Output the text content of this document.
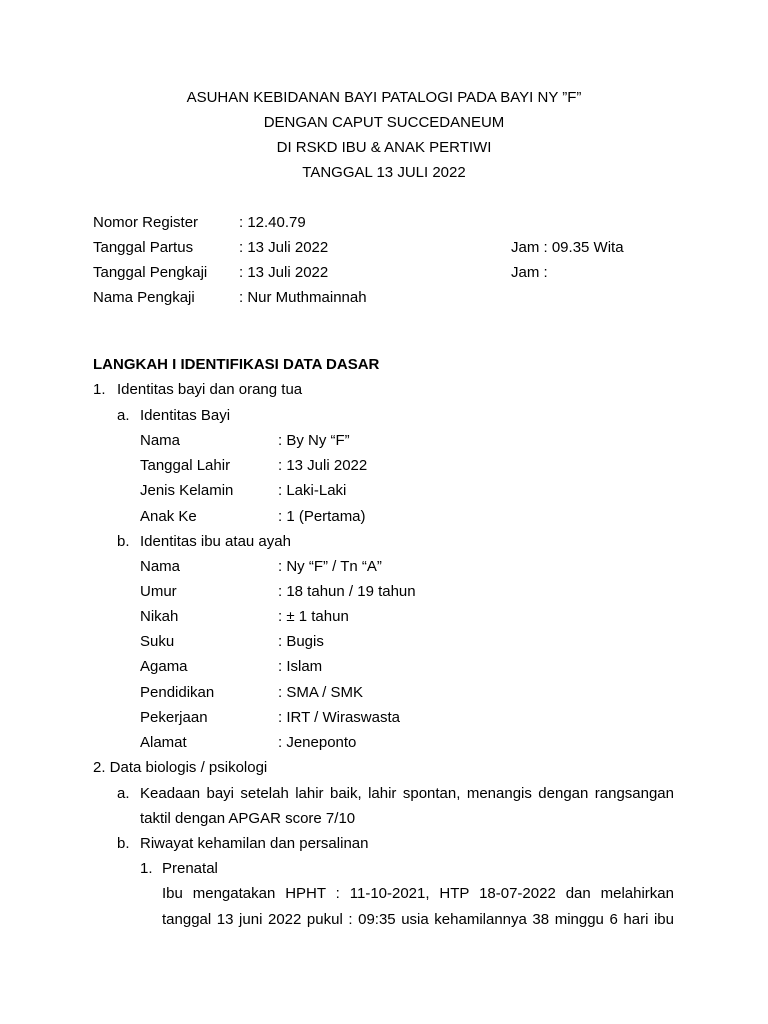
ASUHAN KEBIDANAN BAYI PATALOGI PADA BAYI NY ”F”
DENGAN CAPUT SUCCEDANEUM
DI RSKD IBU & ANAK PERTIWI
TANGGAL 13 JULI 2022
Nomor Register	: 12.40.79
Tanggal Partus	: 13 Juli 2022	Jam : 09.35 Wita
Tanggal Pengkaji : 13 Juli 2022	Jam :
Nama Pengkaji	: Nur Muthmainnah
LANGKAH I IDENTIFIKASI DATA DASAR
1. Identitas bayi dan orang tua
a. Identitas Bayi
Nama	: By Ny “F”
Tanggal Lahir	: 13 Juli 2022
Jenis Kelamin	: Laki-Laki
Anak Ke	: 1 (Pertama)
b. Identitas ibu atau ayah
Nama	: Ny “F” / Tn “A”
Umur	: 18 tahun / 19 tahun
Nikah	: ± 1 tahun
Suku	: Bugis
Agama	: Islam
Pendidikan	: SMA / SMK
Pekerjaan	: IRT / Wiraswasta
Alamat	: Jeneponto
2. Data biologis / psikologi
a. Keadaan bayi setelah lahir baik, lahir spontan, menangis dengan rangsangan
taktil dengan APGAR score 7/10
b. Riwayat kehamilan dan persalinan
1. Prenatal
Ibu mengatakan HPHT : 11-10-2021, HTP 18-07-2022 dan melahirkan
tanggal 13 juni 2022 pukul : 09:35 usia kehamilannya 38 minggu 6 hari ibu
